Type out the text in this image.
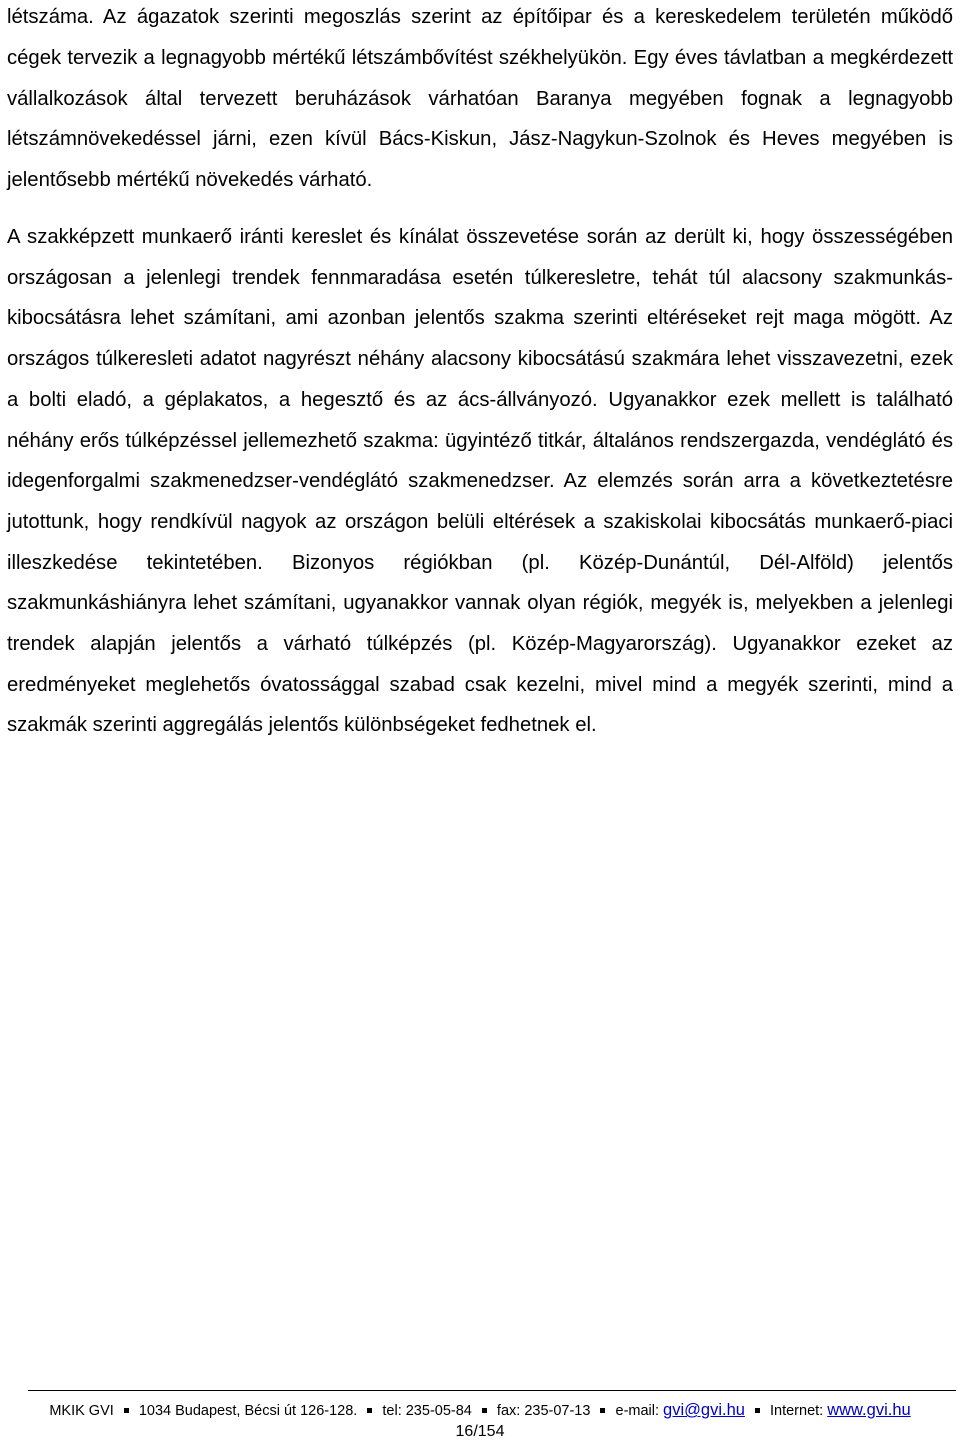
létszáma. Az ágazatok szerinti megoszlás szerint az építőipar és a kereskedelem területén működő cégek tervezik a legnagyobb mértékű létszámbővítést székhelyükön. Egy éves távlatban a megkérdezett vállalkozások által tervezett beruházások várhatóan Baranya megyében fognak a legnagyobb létszámnövekedéssel járni, ezen kívül Bács-Kiskun, Jász-Nagykun-Szolnok és Heves megyében is jelentősebb mértékű növekedés várható.

A szakképzett munkaerő iránti kereslet és kínálat összevetése során az derült ki, hogy összességében országosan a jelenlegi trendek fennmaradása esetén túlkeresletre, tehát túl alacsony szakmunkás-kibocsátásra lehet számítani, ami azonban jelentős szakma szerinti eltéréseket rejt maga mögött. Az országos túlkeresleti adatot nagyrészt néhány alacsony kibocsátású szakmára lehet visszavezetni, ezek a bolti eladó, a géplakatos, a hegesztő és az ács-állványozó. Ugyanakkor ezek mellett is található néhány erős túlképzéssel jellemezhető szakma: ügyintéző titkár, általános rendszergazda, vendéglátó és idegenforgalmi szakmenedzser-vendéglátó szakmenedzser. Az elemzés során arra a következtetésre jutottunk, hogy rendkívül nagyok az országon belüli eltérések a szakiskolai kibocsátás munkaerő-piaci illeszkedése tekintetében. Bizonyos régiókban (pl. Közép-Dunántúl, Dél-Alföld) jelentős szakmunkáshiányra lehet számítani, ugyanakkor vannak olyan régiók, megyék is, melyekben a jelenlegi trendek alapján jelentős a várható túlképzés (pl. Közép-Magyarország). Ugyanakkor ezeket az eredményeket meglehetős óvatossággal szabad csak kezelni, mivel mind a megyék szerinti, mind a szakmák szerinti aggregálás jelentős különbségeket fedhetnek el.

MKIK GVI 1034 Budapest, Bécsi út 126-128. tel: 235-05-84 fax: 235-07-13 e-mail: gvi@gvi.hu Internet: www.gvi.hu
16/154
